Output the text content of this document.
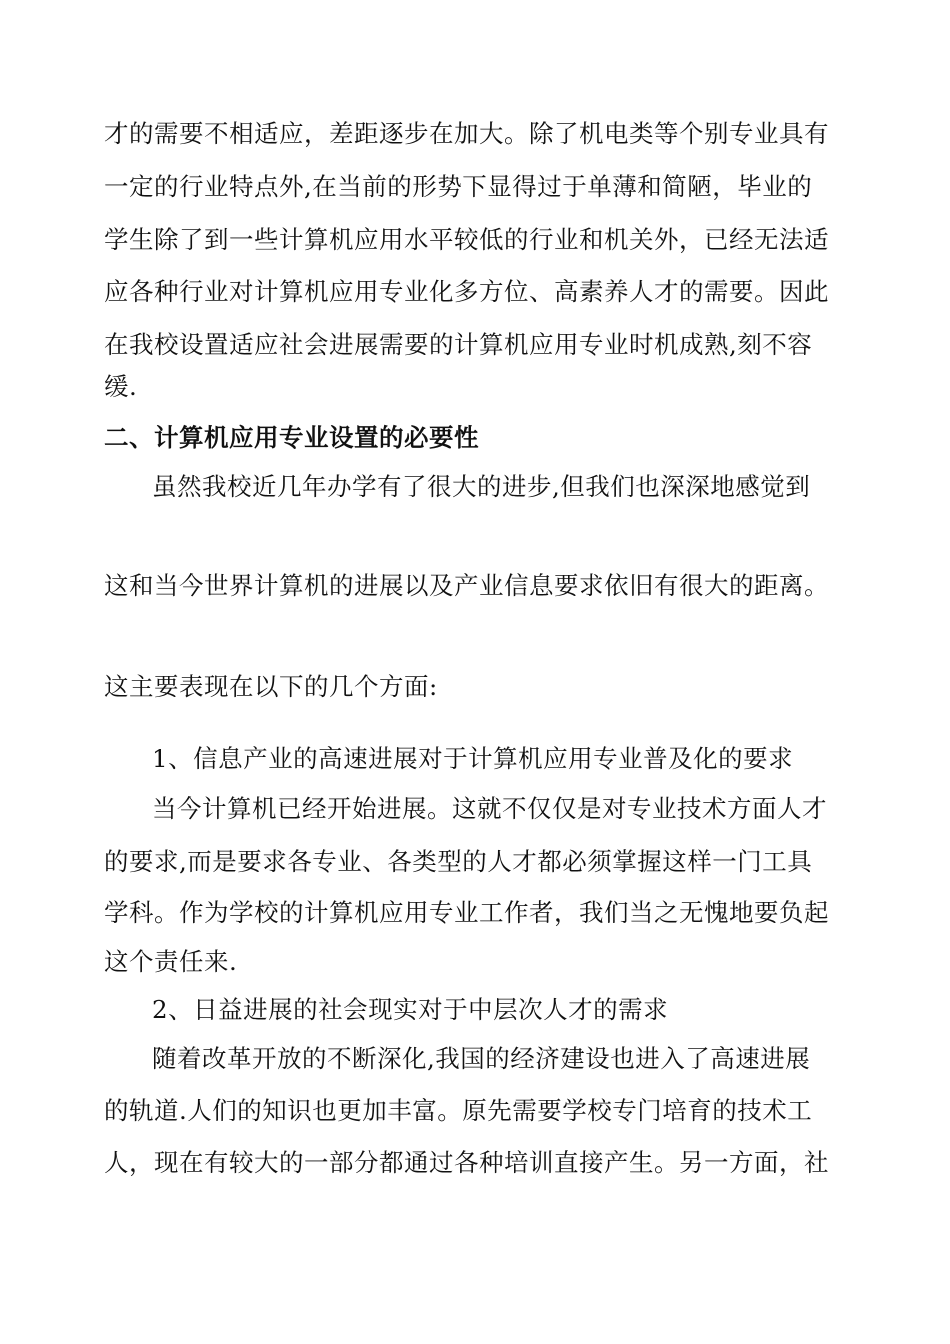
才的需要不相适应，差距逐步在加大。除了机电类等个别专业具有
一定的行业特点外,在当前的形势下显得过于单薄和简陋，毕业的
学生除了到一些计算机应用水平较低的行业和机关外，已经无法适
应各种行业对计算机应用专业化多方位、高素养人才的需要。因此
在我校设置适应社会进展需要的计算机应用专业时机成熟,刻不容
缓.
二、计算机应用专业设置的必要性
虽然我校近几年办学有了很大的进步,但我们也深深地感觉到
这和当今世界计算机的进展以及产业信息要求依旧有很大的距离。
这主要表现在以下的几个方面:
1、信息产业的高速进展对于计算机应用专业普及化的要求
当今计算机已经开始进展。这就不仅仅是对专业技术方面人才
的要求,而是要求各专业、各类型的人才都必须掌握这样一门工具
学科。作为学校的计算机应用专业工作者，我们当之无愧地要负起
这个责任来.
2、日益进展的社会现实对于中层次人才的需求
随着改革开放的不断深化,我国的经济建设也进入了高速进展
的轨道.人们的知识也更加丰富。原先需要学校专门培育的技术工
人，现在有较大的一部分都通过各种培训直接产生。另一方面，社
